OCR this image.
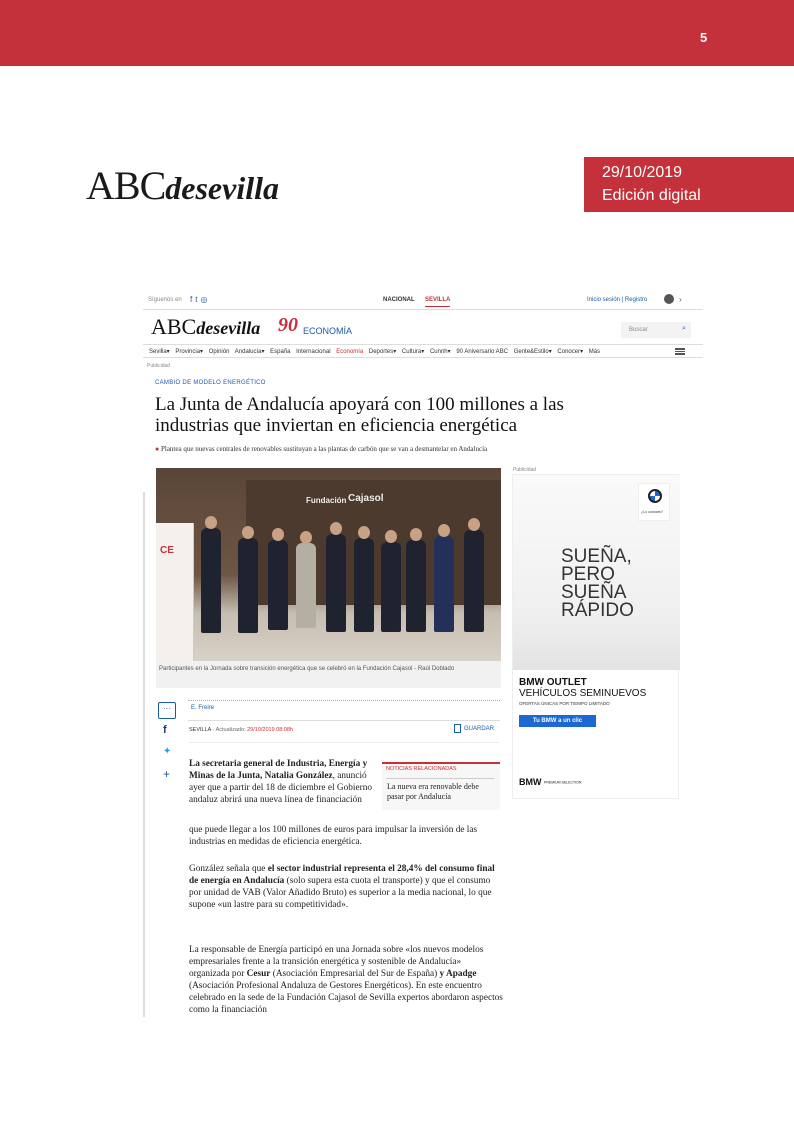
5
ABCdesevilla	29/10/2019
Edición digital
Síguenos en ft◎	NACIONAL SEVILLA	Inicio sesión | Registro	›
ABCdesevilla 90 ECONOMÍA	Buscar	⌕
Sevilla▾ Provincia▾ Opinión Andalucía▾ España Internacional Economía Deportes▾ Cultura▾ Cunnh▾ 90 Aniversario ABC Gente&Estilo▾ Conocer▾ Más
Publicidad
CAMBIO DE MODELO ENERGÉTICO
La Junta de Andalucía apoyará con 100 millones a las industrias que inviertan en eficiencia energética
● Plantea que nuevas centrales de renovables sustituyan a las plantas de carbón que se van a desmantelar en Andalucía
CE
Fundación Cajasol
Participantes en la Jornada sobre transición energética que se celebró en la Fundación Cajasol - Raúl Doblado
···
f
✦
+
E. Freire
SEVILLA - Actualizado: 29/10/2019 08:08h	GUARDAR
La secretaria general de Industria, Energía y Minas de la Junta, Natalia González, anunció ayer que a partir del 18 de diciembre el Gobierno andaluz abrirá una nueva línea de financiación
que puede llegar a los 100 millones de euros para impulsar la inversión de las industrias en medidas de eficiencia energética.
NOTICIAS RELACIONADAS
La nueva era renovable debe pasar por Andalucía
González señala que el sector industrial representa el 28,4% del consumo final de energía en Andalucía (solo supera esta cuota el transporte) y que el consumo por unidad de VAB (Valor Añadido Bruto) es superior a la media nacional, lo que supone «un lastre para su competitividad».
La responsable de Energía participó en una Jornada sobre «los nuevos modelos empresariales frente a la transición energética y sostenible de Andalucía» organizada por Cesur (Asociación Empresarial del Sur de España) y Apadge (Asociación Profesional Andaluza de Gestores Energéticos). En este encuentro celebrado en la sede de la Fundación Cajasol de Sevilla expertos abordaron aspectos como la financiación
Publicidad
¿Lo conoces?
SUEÑA,
PERO
SUEÑA
RÁPIDO
BMW OUTLET
VEHÍCULOS SEMINUEVOS
OFERTAS ÚNICAS POR TIEMPO LIMITADO
Tu BMW a un clic
BMW PREMIUM SELECTION
